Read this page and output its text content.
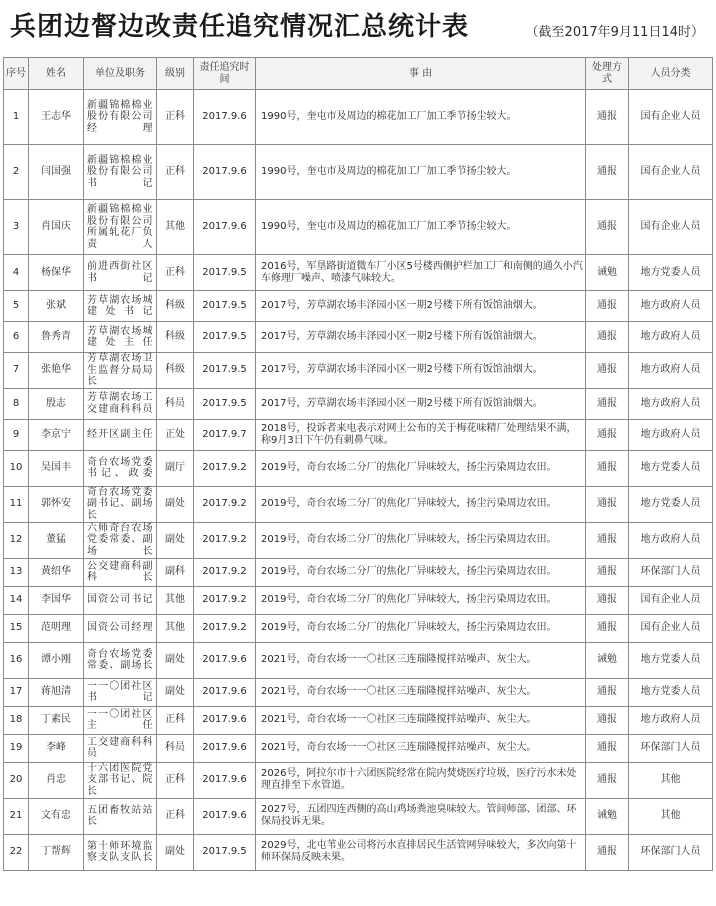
兵团边督边改责任追究情况汇总统计表	（截至2017年9月11日14时）
序号	姓名	单位及职务	级别	责任追究时间	事 由	处理方式	人员分类
1	王志华	新疆锦棉棉业股份有限公司经理	正科	2017.9.6	1990号，奎屯市及周边的棉花加工厂加工季节扬尘较大。	通报	国有企业人员
2	闫国强	新疆锦棉棉业股份有限公司书记	正科	2017.9.6	1990号，奎屯市及周边的棉花加工厂加工季节扬尘较大。	通报	国有企业人员
3	肖国庆	新疆锦棉棉业股份有限公司所属轧花厂负责人	其他	2017.9.6	1990号，奎屯市及周边的棉花加工厂加工季节扬尘较大。	通报	国有企业人员
4	杨保华	前进西街社区书记	正科	2017.9.5	2016号，军垦路街道微车厂小区5号楼西侧护栏加工厂和南侧的通久小汽车修理厂噪声、喷漆气味较大。	诫勉	地方党委人员
5	张斌	芳草湖农场城建处书记	科级	2017.9.5	2017号，芳草湖农场丰泽园小区一期2号楼下所有饭馆油烟大。	通报	地方政府人员
6	鲁秀青	芳草湖农场城建处主任	科级	2017.9.5	2017号，芳草湖农场丰泽园小区一期2号楼下所有饭馆油烟大。	通报	地方政府人员
7	张艳华	芳草湖农场卫生监督分局局长	科级	2017.9.5	2017号，芳草湖农场丰泽园小区一期2号楼下所有饭馆油烟大。	通报	地方政府人员
8	殷志	芳草湖农场工交建商科科员	科员	2017.9.5	2017号，芳草湖农场丰泽园小区一期2号楼下所有饭馆油烟大。	通报	地方政府人员
9	李京宁	经开区副主任	正处	2017.9.7	2018号，投诉者来电表示对网上公布的关于梅花味精厂处理结果不满，称9月3日下午仍有刺鼻气味。	通报	地方政府人员
10	吴国丰	奇台农场党委书记、政委	副厅	2017.9.2	2019号，奇台农场二分厂的焦化厂异味较大，扬尘污染周边农田。	通报	地方党委人员
11	郭怀安	奇台农场党委副书记、副场长	副处	2017.9.2	2019号，奇台农场二分厂的焦化厂异味较大，扬尘污染周边农田。	通报	地方党委人员
12	董猛	六师奇台农场党委常委、副场长	副处	2017.9.2	2019号，奇台农场二分厂的焦化厂异味较大，扬尘污染周边农田。	通报	地方政府人员
13	黄绍华	公交建商科副科长	副科	2017.9.2	2019号，奇台农场二分厂的焦化厂异味较大，扬尘污染周边农田。	通报	环保部门人员
14	李国华	国资公司书记	其他	2017.9.2	2019号，奇台农场二分厂的焦化厂异味较大，扬尘污染周边农田。	通报	国有企业人员
15	范明理	国资公司经理	其他	2017.9.2	2019号，奇台农场二分厂的焦化厂异味较大，扬尘污染周边农田。	通报	国有企业人员
16	谭小刚	奇台农场党委常委、副场长	副处	2017.9.6	2021号，奇台农场一一〇社区三连瑞隆搅拌站噪声、灰尘大。	诫勉	地方党委人员
17	蒋旭清	一一〇团社区书记	副处	2017.9.6	2021号，奇台农场一一〇社区三连瑞隆搅拌站噪声、灰尘大。	通报	地方党委人员
18	丁素民	一一〇团社区主任	正科	2017.9.6	2021号，奇台农场一一〇社区三连瑞隆搅拌站噪声、灰尘大。	通报	地方政府人员
19	李峰	工交建商科科员	科员	2017.9.6	2021号，奇台农场一一〇社区三连瑞隆搅拌站噪声、灰尘大。	通报	环保部门人员
20	肖忠	十六团医院党支部书记、院长	正科	2017.9.6	2026号，阿拉尔市十六团医院经常在院内焚烧医疗垃圾，医疗污水未处理直排至下水管道。	通报	其他
21	文有忠	五团畜牧站站长	正科	2017.9.6	2027号，五团四连西侧的高山鸡场粪池臭味较大。管间师部、团部、环保局投诉无果。	诫勉	其他
22	丁帮辉	第十师环境监察支队支队长	副处	2017.9.5	2029号，北屯苇业公司将污水直排居民生活管网异味较大，多次向第十师环保局反映未果。	通报	环保部门人员
